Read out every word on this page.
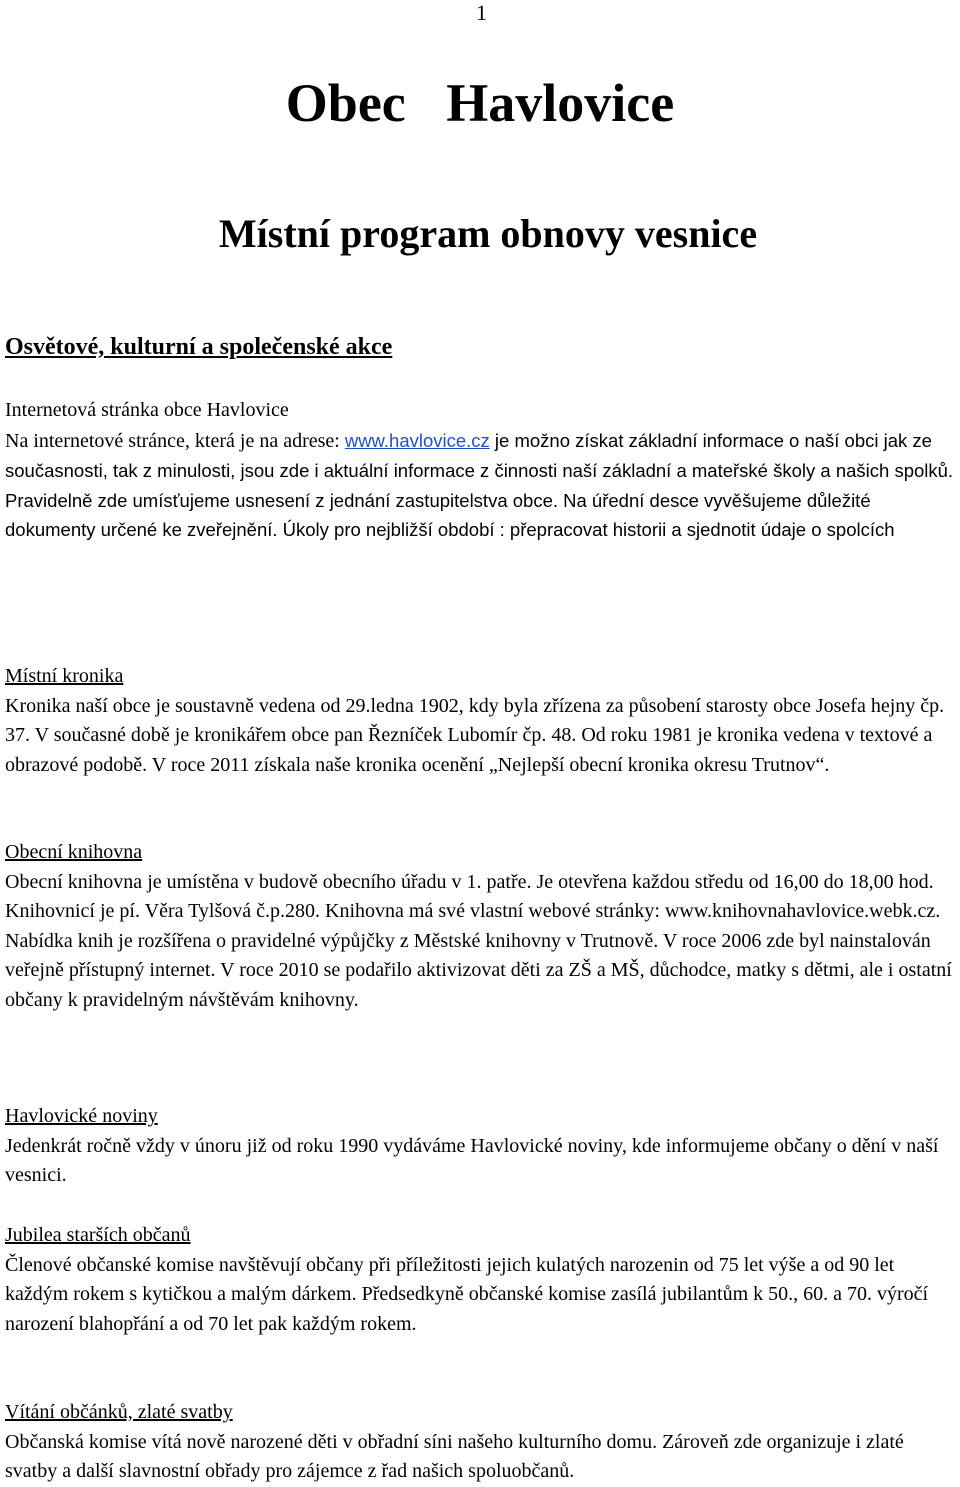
1
Obec   Havlovice
Místní program obnovy vesnice
Osvětové, kulturní a společenské akce

Internetová stránka obce Havlovice

Na internetové stránce, která je na adrese: www.havlovice.cz je možno získat základní informace o naší obci jak ze současnosti, tak z minulosti, jsou zde i aktuální informace z činnosti naší základní a mateřské školy a našich spolků. Pravidelně zde umísťujeme usnesení z jednání zastupitelstva obce. Na úřední desce vyvěšujeme důležité dokumenty určené ke zveřejnění. Úkoly pro nejbližší období : přepracovat historii a sjednotit údaje o spolcích

Místní kronika

Kronika naší obce je soustavně vedena od 29.ledna 1902, kdy byla zřízena za působení starosty obce Josefa hejny čp. 37. V současné době je kronikářem obce pan Řezníček Lubomír čp. 48. Od roku 1981 je kronika vedena v textové a obrazové podobě. V roce 2011 získala naše kronika ocenění „Nejlepší obecní kronika okresu Trutnov“.

Obecní knihovna

Obecní knihovna je umístěna v budově obecního úřadu v 1. patře. Je otevřena každou středu od 16,00 do 18,00 hod. Knihovnicí je pí. Věra Tylšová č.p.280. Knihovna má své vlastní webové stránky: www.knihovnahavlovice.webk.cz. Nabídka knih je rozšířena o pravidelné výpůjčky z Městské knihovny v Trutnově. V roce 2006 zde byl nainstalován veřejně přístupný internet. V roce 2010 se podařilo aktivizovat děti za ZŠ a MŠ, důchodce, matky s dětmi, ale i ostatní občany k pravidelným návštěvám knihovny.

Havlovické noviny

Jedenkrát ročně vždy v únoru již od roku 1990 vydáváme Havlovické noviny, kde informujeme občany o dění v naší vesnici.

Jubilea starších občanů

Členové občanské komise navštěvují občany při příležitosti jejich kulatých narozenin od 75 let výše a od 90 let každým rokem s kytičkou a malým dárkem. Předsedkyně občanské komise zasílá jubilantům k 50., 60. a 70. výročí narození blahopřání a od 70 let pak každým rokem.

Vítání občánků, zlaté svatby

Občanská komise vítá nově narozené děti v obřadní síni našeho kulturního domu. Zároveň zde organizuje i zlaté svatby a další slavnostní obřady pro zájemce z řad našich spoluobčanů.
